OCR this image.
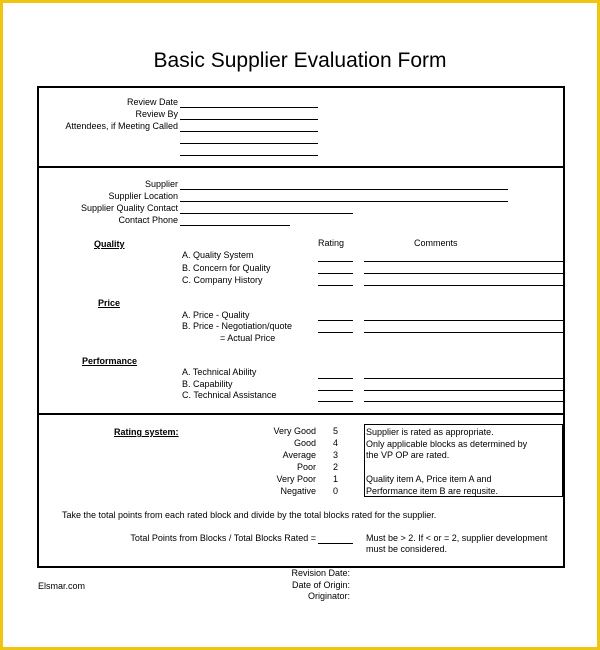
Basic Supplier Evaluation Form
Review Date
Review By
Attendees, if Meeting Called
Supplier
Supplier Location
Supplier Quality Contact
Contact Phone
Rating	Comments
Quality
A. Quality System
B. Concern for Quality
C. Company History
Price
A. Price - Quality
B. Price - Negotiation/quote
= Actual Price
Performance
A. Technical Ability
B. Capability
C. Technical Assistance
Rating system:	Very Good 5
Good 4
Average 3
Poor 2
Very Poor 1
Negative 0
Supplier is rated as appropriate.
Only applicable blocks as determined by
the VP OP are rated.
Quality item A, Price item A and
Performance item B are requsite.
Take the total points from each rated block and divide by the total blocks rated for the supplier.
Total Points from Blocks / Total Blocks Rated =	Must be > 2. If < or = 2, supplier development
must be considered.
Elsmar.com
Revision Date:
Date of Origin:
Originator:
